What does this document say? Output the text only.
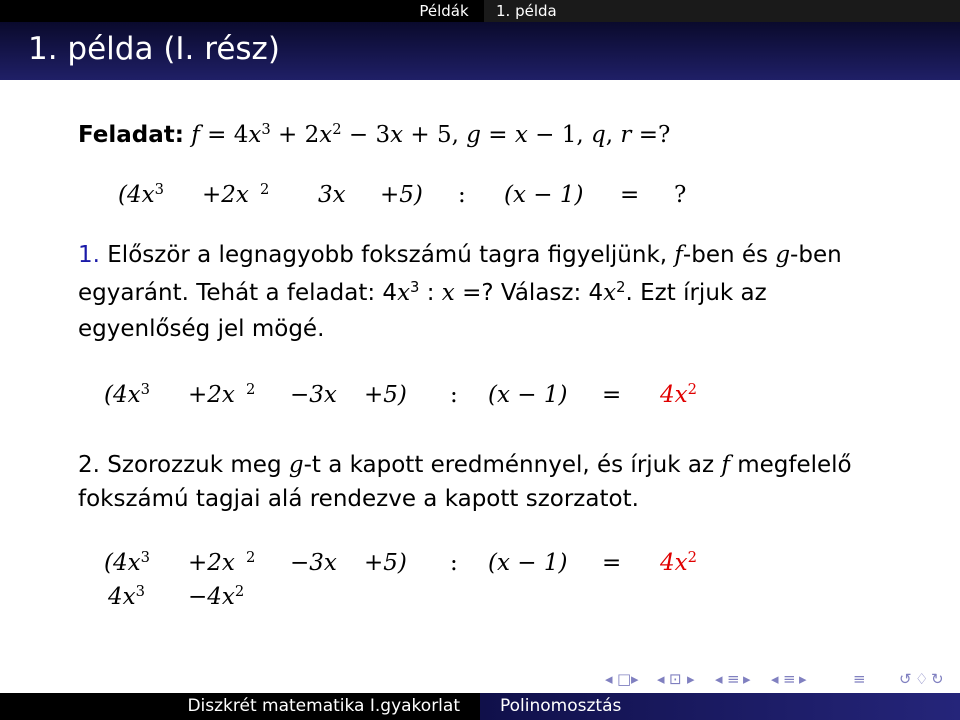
Példák	1. példa
1. példa (I. rész)
Feladat: $f = 4x^3 + 2x^2 - 3x + 5$, g = x − 1, q, r =?
($4x^3 +2x$ $^2$ 3x +5) : (x − 1) = ?
1. Először a legnagyobb fokszámú tagra figyeljünk, f-ben és g-ben
egyaránt. Tehát a feladat: $4x^3$ : x =? Válasz: $4x^2$. Ezt írjuk az
egyenlőség jel mögé.
($4x^3 +2x$ $^2$ −3x +5) : $(x - 1) = 4x^2$
2. Szorozzuk meg g-t a kapott eredménnyel, és írjuk az f megfelelő
fokszámú tagjai alá rendezve a kapott szorzatot.
($4x^3 +2x$ $^2$ −3x +5) : $(x - 1) = 4x^2$
$4x^3 -4x^2$
◂ □ ▸ ◂ ⊡ ▸ ◂ ≡ ▸ ◂ ≡ ▸	≡ ↺ ♢ ↻
Diszkrét matematika I.gyakorlat	Polinomosztás
